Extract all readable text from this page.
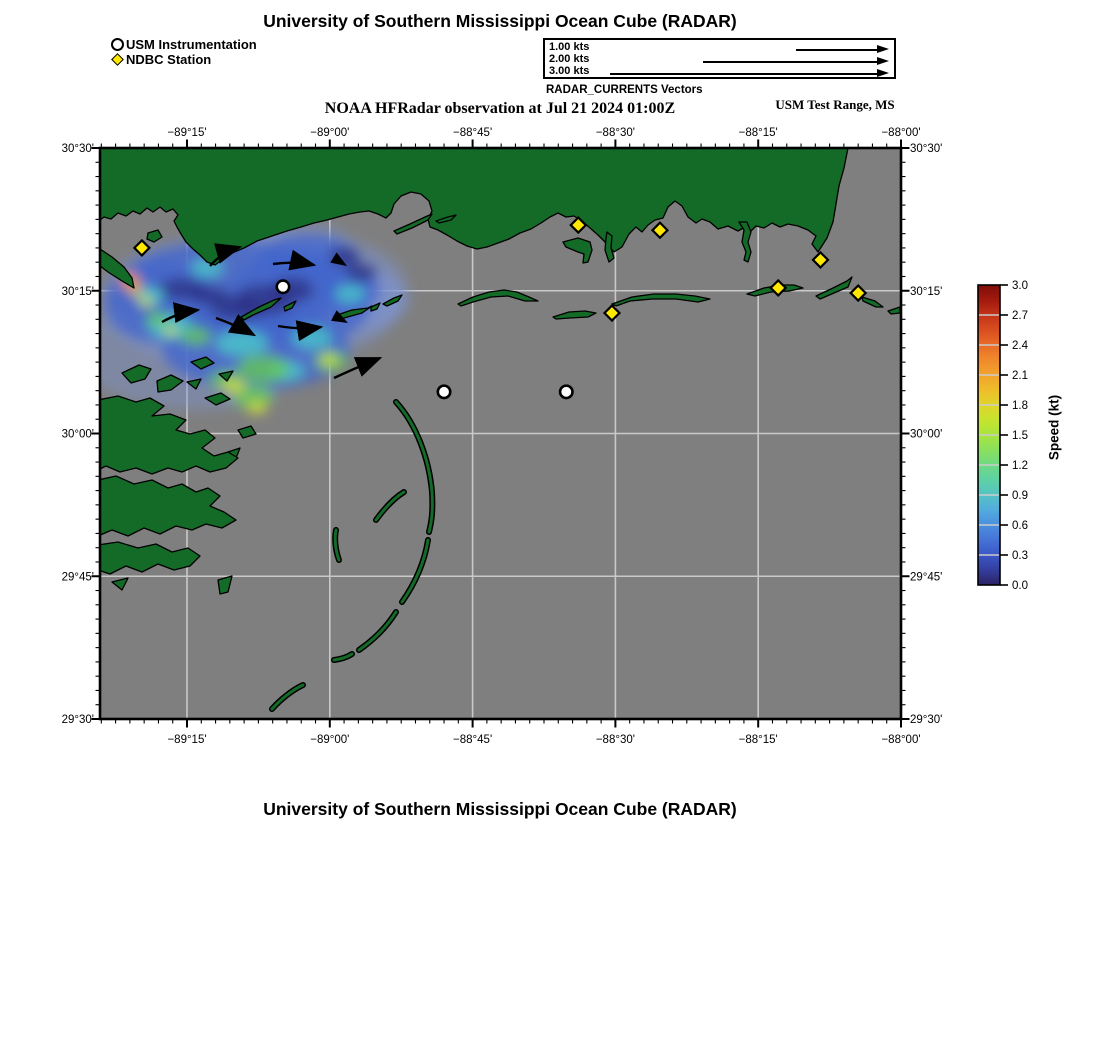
−89°15'
−89°15'
−89°00'
−89°00'
−88°45'
−88°45'
−88°30'
−88°30'
−88°15'
−88°15'
−88°00'
−88°00'
30°30'	30°30'
30°15'	30°15'
30°00'	30°00'
29°45'	29°45'
29°30'	29°30'
3.0
2.7
2.4
2.1
1.8
1.5
1.2
0.9
0.6
0.3
0.0
University of Southern Mississippi Ocean Cube (RADAR)
USM Instrumentation
NDBC Station
1.00 kts
2.00 kts
3.00 kts
RADAR_CURRENTS Vectors
NOAA HFRadar observation at Jul 21 2024 01:00Z	USM Test Range, MS
Speed (kt)
University of Southern Mississippi Ocean Cube (RADAR)
